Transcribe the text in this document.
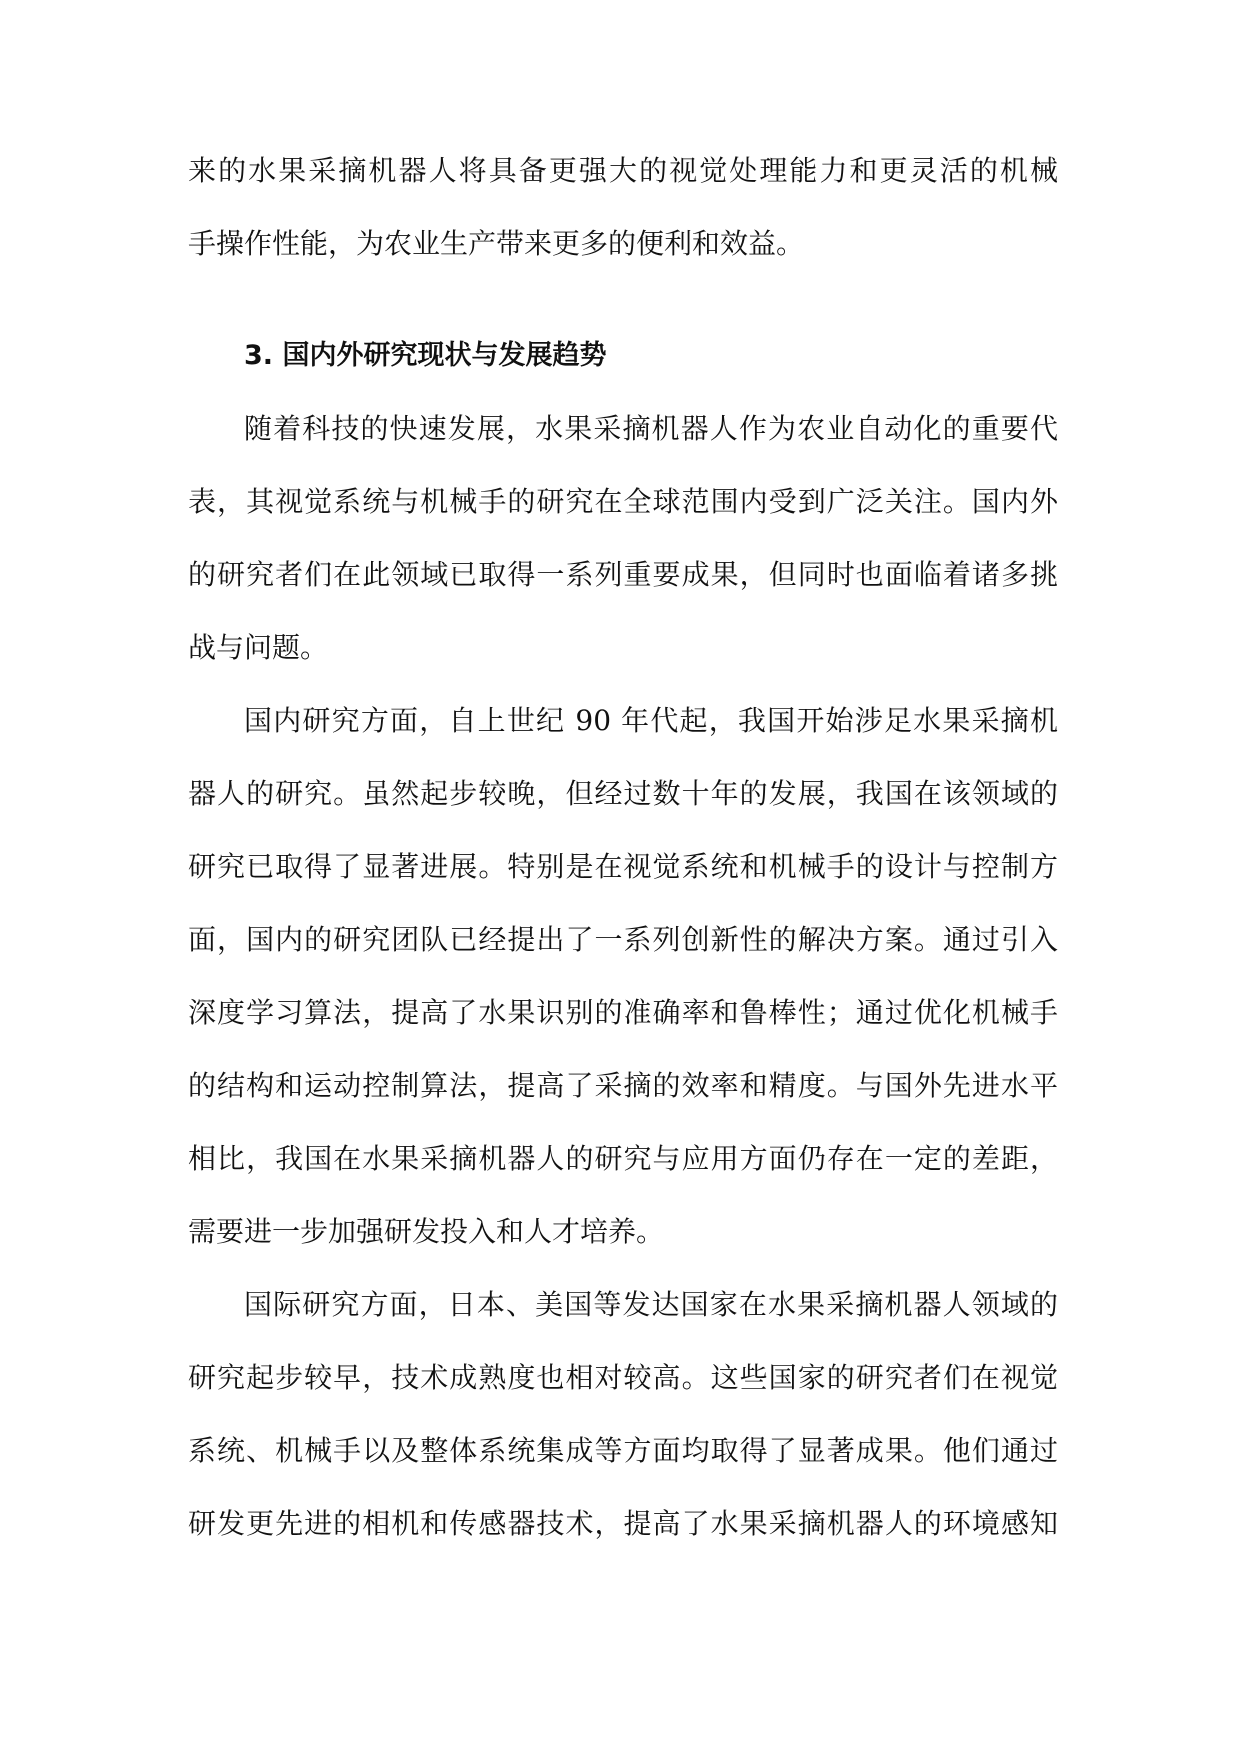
来的水果采摘机器人将具备更强大的视觉处理能力和更灵活的机械
手操作性能，为农业生产带来更多的便利和效益。
3. 国内外研究现状与发展趋势
随着科技的快速发展，水果采摘机器人作为农业自动化的重要代
表，其视觉系统与机械手的研究在全球范围内受到广泛关注。国内外
的研究者们在此领域已取得一系列重要成果，但同时也面临着诸多挑
战与问题。
国内研究方面，自上世纪 90 年代起，我国开始涉足水果采摘机
器人的研究。虽然起步较晚，但经过数十年的发展，我国在该领域的
研究已取得了显著进展。特别是在视觉系统和机械手的设计与控制方
面，国内的研究团队已经提出了一系列创新性的解决方案。通过引入
深度学习算法，提高了水果识别的准确率和鲁棒性；通过优化机械手
的结构和运动控制算法，提高了采摘的效率和精度。与国外先进水平
相比，我国在水果采摘机器人的研究与应用方面仍存在一定的差距，
需要进一步加强研发投入和人才培养。
国际研究方面，日本、美国等发达国家在水果采摘机器人领域的
研究起步较早，技术成熟度也相对较高。这些国家的研究者们在视觉
系统、机械手以及整体系统集成等方面均取得了显著成果。他们通过
研发更先进的相机和传感器技术，提高了水果采摘机器人的环境感知
